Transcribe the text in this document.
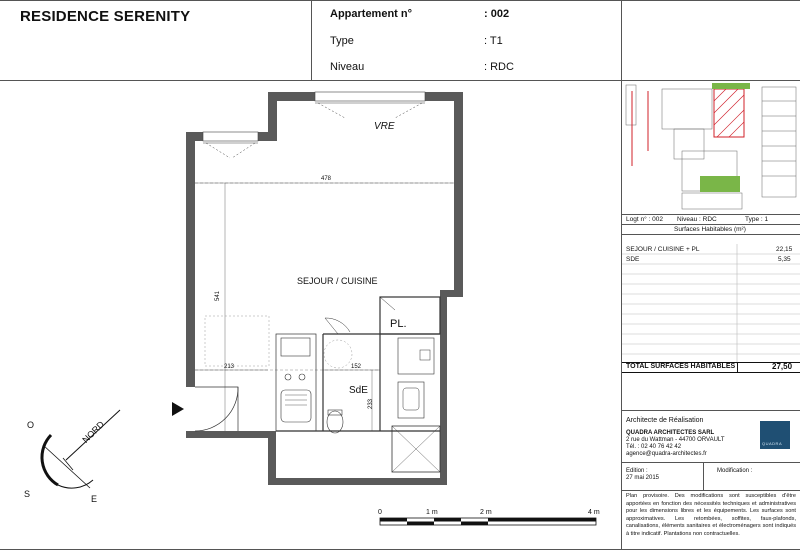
RESIDENCE SERENITY	Appartement n°	: 002
Type	: T1
Niveau	: RDC
SEJOUR / CUISINE
PL.
SdE
VRE
478
541
213	152
233
NORD
O
S	E
0	1 m	2 m	4 m
Logt n° : 002 Niveau : RDC	Type : 1
Surfaces Habitables (m²)
SEJOUR / CUISINE + PL	22,15
SDE	5,35
TOTAL SURFACES HABITABLES	27,50
Architecte de Réalisation
QUADRA ARCHITECTES SARL
2 rue du Wattman - 44700 ORVAULT
Tél. : 02 40 76 42 42
agence@quadra-architectes.fr
QUADRA
Edition :
27 mai 2015
Modification :
Plan provisoire. Des modifications sont susceptibles d'être apportées en fonction des nécessités techniques et administratives pour les dimensions libres et les équipements. Les surfaces sont approximatives. Les retombées, soffites, faux-plafonds, canalisations, éléments sanitaires et électroménagers sont indiqués à titre indicatif. Plantations non contractuelles.
